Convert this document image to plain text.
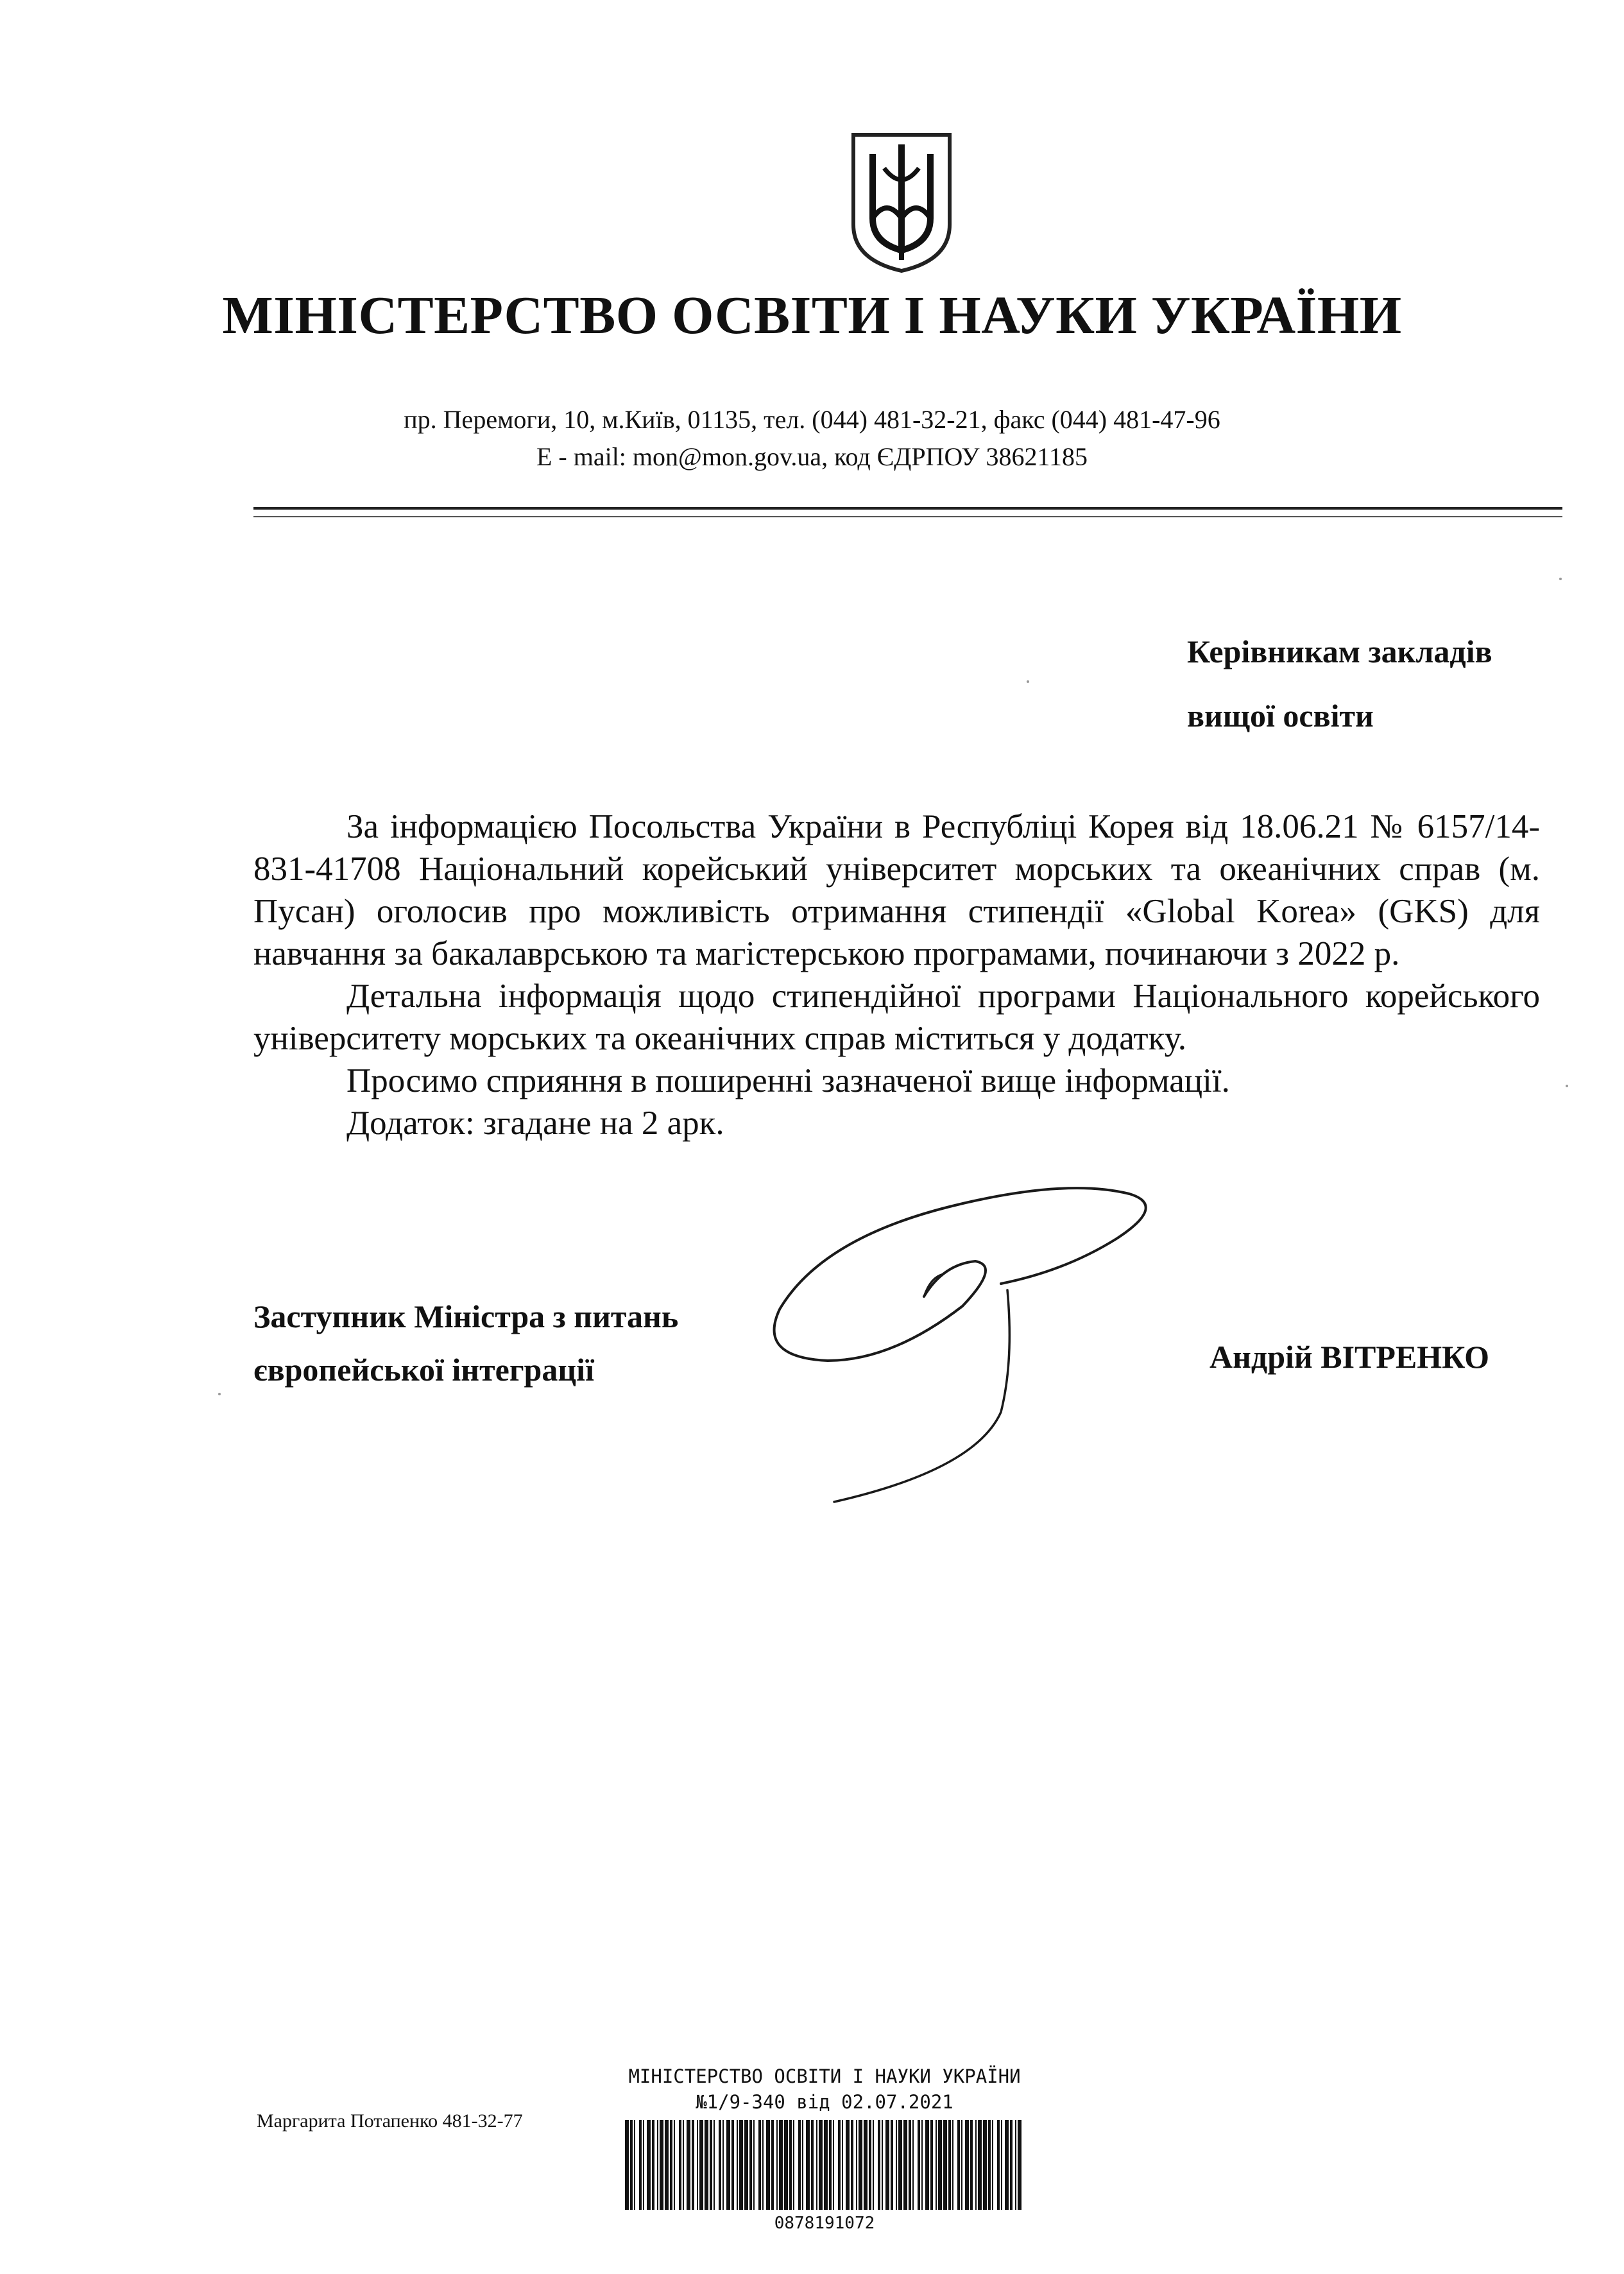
МІНІСТЕРСТВО ОСВІТИ І НАУКИ УКРАЇНИ
пр. Перемоги, 10, м.Київ, 01135, тел. (044) 481-32-21, факс (044) 481-47-96
E - mail: mon@mon.gov.ua, код ЄДРПОУ 38621185
Керівникам закладів
вищої освіти

За інформацією Посольства України в Республіці Корея від 18.06.21 № 6157/14-831-41708 Національний корейський університет морських та океанічних справ (м. Пусан) оголосив про можливість отримання стипендії «Global Korea» (GKS) для навчання за бакалаврською та магістерською програмами, починаючи з 2022 р.

Детальна інформація щодо стипендійної програми Національного корейського університету морських та океанічних справ міститься у додатку.

Просимо сприяння в поширенні зазначеної вище інформації.

Додаток: згадане на 2 арк.

Заступник Міністра з питань
європейської інтеграції	Андрій ВІТРЕНКО
Маргарита Потапенко 481-32-77
МІНІСТЕРСТВО ОСВІТИ І НАУКИ УКРАЇНИ
№1/9-340 від 02.07.2021
0878191072
